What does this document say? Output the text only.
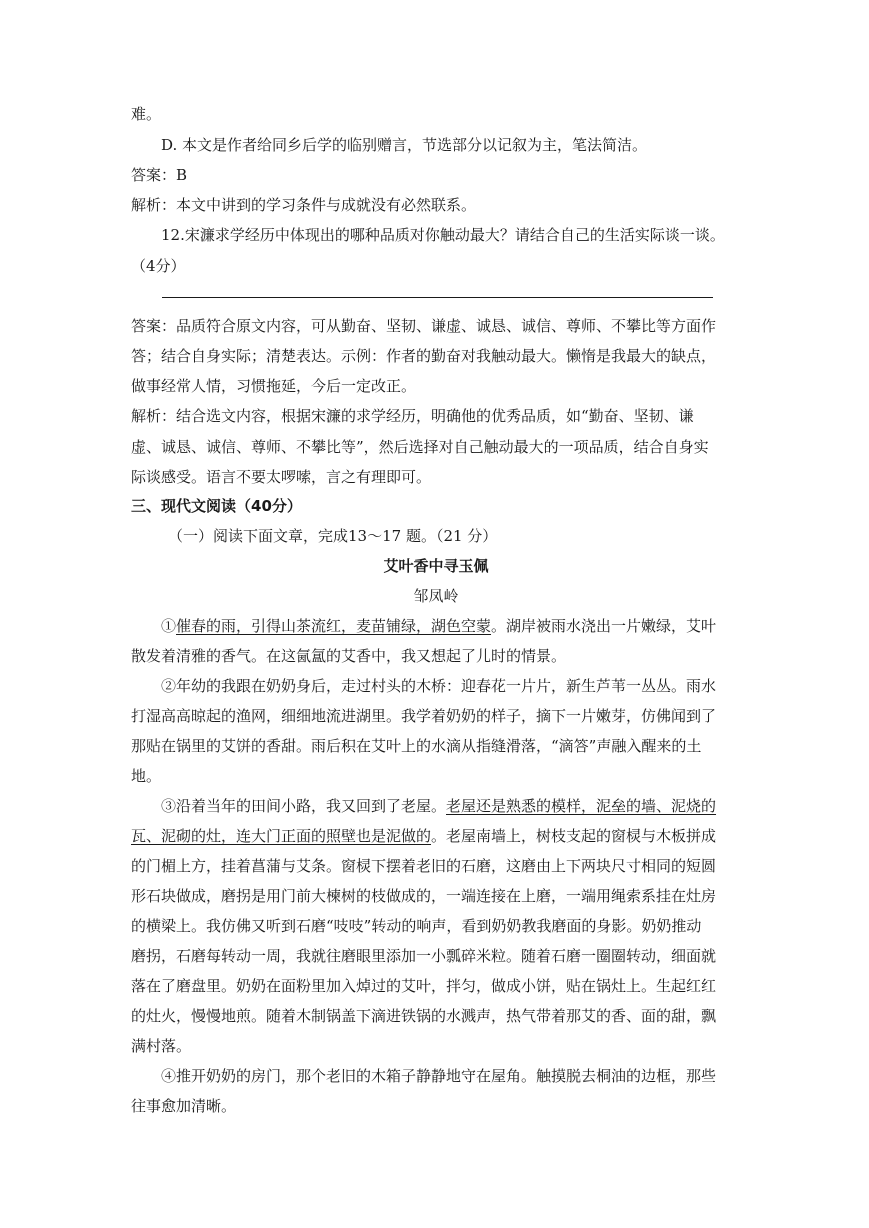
难。

D. 本文是作者给同乡后学的临别赠言，节选部分以记叙为主，笔法简洁。

答案：B

解析：本文中讲到的学习条件与成就没有必然联系。

12.宋濂求学经历中体现出的哪种品质对你触动最大？请结合自己的生活实际谈一谈。

（4分）

答案：品质符合原文内容，可从勤奋、坚韧、谦虚、诚恳、诚信、尊师、不攀比等方面作

答；结合自身实际；清楚表达。示例：作者的勤奋对我触动最大。懒惰是我最大的缺点，

做事经常人情，习惯拖延，今后一定改正。

解析：结合选文内容，根据宋濂的求学经历，明确他的优秀品质，如“勤奋、坚韧、谦

虚、诚恳、诚信、尊师、不攀比等”，然后选择对自己触动最大的一项品质，结合自身实

际谈感受。语言不要太啰嗦，言之有理即可。

三、现代文阅读（40分）

（一）阅读下面文章，完成13～17 题。（21 分）

艾叶香中寻玉佩

邹凤岭

①催春的雨，引得山茶流红，麦苗铺绿，湖色空蒙。湖岸被雨水浇出一片嫩绿，艾叶

散发着清雅的香气。在这氤氲的艾香中，我又想起了儿时的情景。

②年幼的我跟在奶奶身后，走过村头的木桥：迎春花一片片，新生芦苇一丛丛。雨水

打湿高高晾起的渔网，细细地流进湖里。我学着奶奶的样子，摘下一片嫩芽，仿佛闻到了

那贴在锅里的艾饼的香甜。雨后积在艾叶上的水滴从指缝滑落，“滴答”声融入醒来的土

地。

③沿着当年的田间小路，我又回到了老屋。老屋还是熟悉的模样，泥垒的墙、泥烧的

瓦、泥砌的灶，连大门正面的照壁也是泥做的。老屋南墙上，树枝支起的窗棂与木板拼成

的门楣上方，挂着菖蒲与艾条。窗棂下摆着老旧的石磨，这磨由上下两块尺寸相同的短圆

形石块做成，磨拐是用门前大楝树的枝做成的，一端连接在上磨，一端用绳索系挂在灶房

的横梁上。我仿佛又听到石磨“吱吱”转动的响声，看到奶奶教我磨面的身影。奶奶推动

磨拐，石磨每转动一周，我就往磨眼里添加一小瓢碎米粒。随着石磨一圈圈转动，细面就

落在了磨盘里。奶奶在面粉里加入焯过的艾叶，拌匀，做成小饼，贴在锅灶上。生起红红

的灶火，慢慢地煎。随着木制锅盖下滴进铁锅的水溅声，热气带着那艾的香、面的甜，飘

满村落。

④推开奶奶的房门，那个老旧的木箱子静静地守在屋角。触摸脱去桐油的边框，那些

往事愈加清晰。
